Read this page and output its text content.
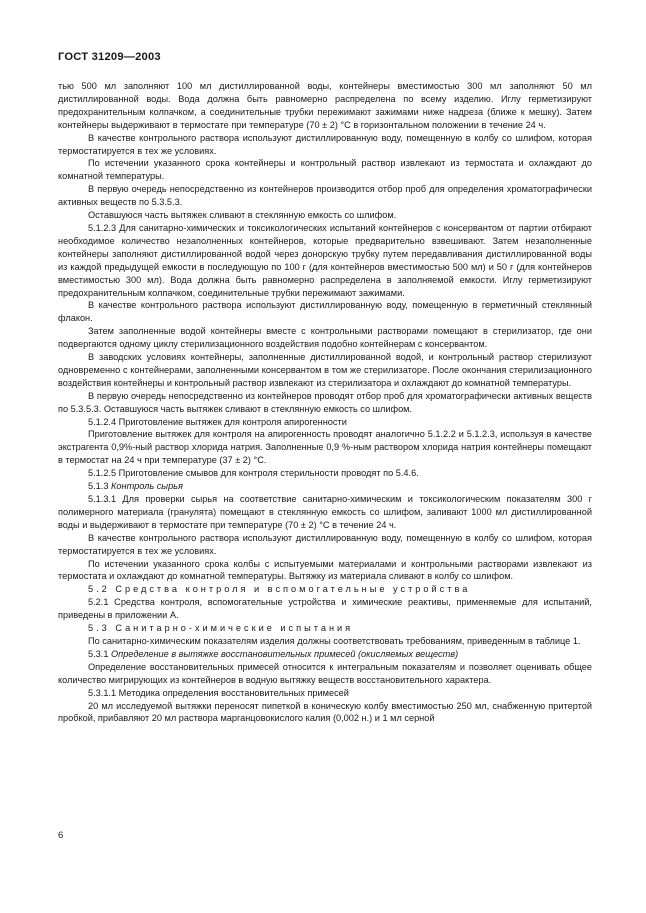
ГОСТ 31209—2003

тью 500 мл заполняют 100 мл дистиллированной воды, контейнеры вместимостью 300 мл заполняют 50 мл дистиллированной воды. Вода должна быть равномерно распределена по всему изделию. Иглу герметизируют предохранительным колпачком, а соединительные трубки пережимают зажимами ниже надреза (ближе к мешку). Затем контейнеры выдерживают в термостате при температуре (70 ± 2) °С в горизонтальном положении в течение 24 ч.

В качестве контрольного раствора используют дистиллированную воду, помещенную в колбу со шлифом, которая термостатируется в тех же условиях.

По истечении указанного срока контейнеры и контрольный раствор извлекают из термостата и охлаждают до комнатной температуры.

В первую очередь непосредственно из контейнеров производится отбор проб для определения хроматографически активных веществ по 5.3.5.3.

Оставшуюся часть вытяжек сливают в стеклянную емкость со шлифом.

5.1.2.3 Для санитарно-химических и токсикологических испытаний контейнеров с консервантом от партии отбирают необходимое количество незаполненных контейнеров, которые предварительно взвешивают. Затем незаполненные контейнеры заполняют дистиллированной водой через донорскую трубку путем передавливания дистиллированной воды из каждой предыдущей емкости в последующую по 100 г (для контейнеров вместимостью 500 мл) и 50 г (для контейнеров вместимостью 300 мл). Вода должна быть равномерно распределена в заполняемой емкости. Иглу герметизируют предохранительным колпачком, соединительные трубки пережимают зажимами.

В качестве контрольного раствора используют дистиллированную воду, помещенную в герметичный стеклянный флакон.

Затем заполненные водой контейнеры вместе с контрольными растворами помещают в стерилизатор, где они подвергаются одному циклу стерилизационного воздействия подобно контейнерам с консервантом.

В заводских условиях контейнеры, заполненные дистиллированной водой, и контрольный раствор стерилизуют одновременно с контейнерами, заполненными консервантом в том же стерилизаторе. После окончания стерилизационного воздействия контейнеры и контрольный раствор извлекают из стерилизатора и охлаждают до комнатной температуры.

В первую очередь непосредственно из контейнеров проводят отбор проб для хроматографически активных веществ по 5.3.5.3. Оставшуюся часть вытяжек сливают в стеклянную емкость со шлифом.

5.1.2.4 Приготовление вытяжек для контроля апирогенности

Приготовление вытяжек для контроля на апирогенность проводят аналогично 5.1.2.2 и 5.1.2.3, используя в качестве экстрагента 0,9%-ный раствор хлорида натрия. Заполненные 0,9 %-ным раствором хлорида натрия контейнеры помещают в термостат на 24 ч при температуре (37 ± 2) °С.

5.1.2.5 Приготовление смывов для контроля стерильности проводят по 5.4.6.

5.1.3 Контроль сырья

5.1.3.1 Для проверки сырья на соответствие санитарно-химическим и токсикологическим показателям 300 г полимерного материала (гранулята) помещают в стеклянную емкость со шлифом, заливают 1000 мл дистиллированной воды и выдерживают в термостате при температуре (70 ± 2) °С в течение 24 ч.

В качестве контрольного раствора используют дистиллированную воду, помещенную в колбу со шлифом, которая термостатируется в тех же условиях.

По истечении указанного срока колбы с испытуемыми материалами и контрольными растворами извлекают из термостата и охлаждают до комнатной температуры. Вытяжку из материала сливают в колбу со шлифом.

5.2 Средства контроля и вспомогательные устройства

5.2.1 Средства контроля, вспомогательные устройства и химические реактивы, применяемые для испытаний, приведены в приложении А.

5.3 Санитарно-химические испытания

По санитарно-химическим показателям изделия должны соответствовать требованиям, приведенным в таблице 1.

5.3.1 Определение в вытяжке восстановительных примесей (окисляемых веществ)

Определение восстановительных примесей относится к интегральным показателям и позволяет оценивать общее количество мигрирующих из контейнеров в водную вытяжку веществ восстановительного характера.

5.3.1.1 Методика определения восстановительных примесей

20 мл исследуемой вытяжки переносят пипеткой в коническую колбу вместимостью 250 мл, снабженную притертой пробкой, прибавляют 20 мл раствора марганцовокислого калия (0,002 н.) и 1 мл серной

6
